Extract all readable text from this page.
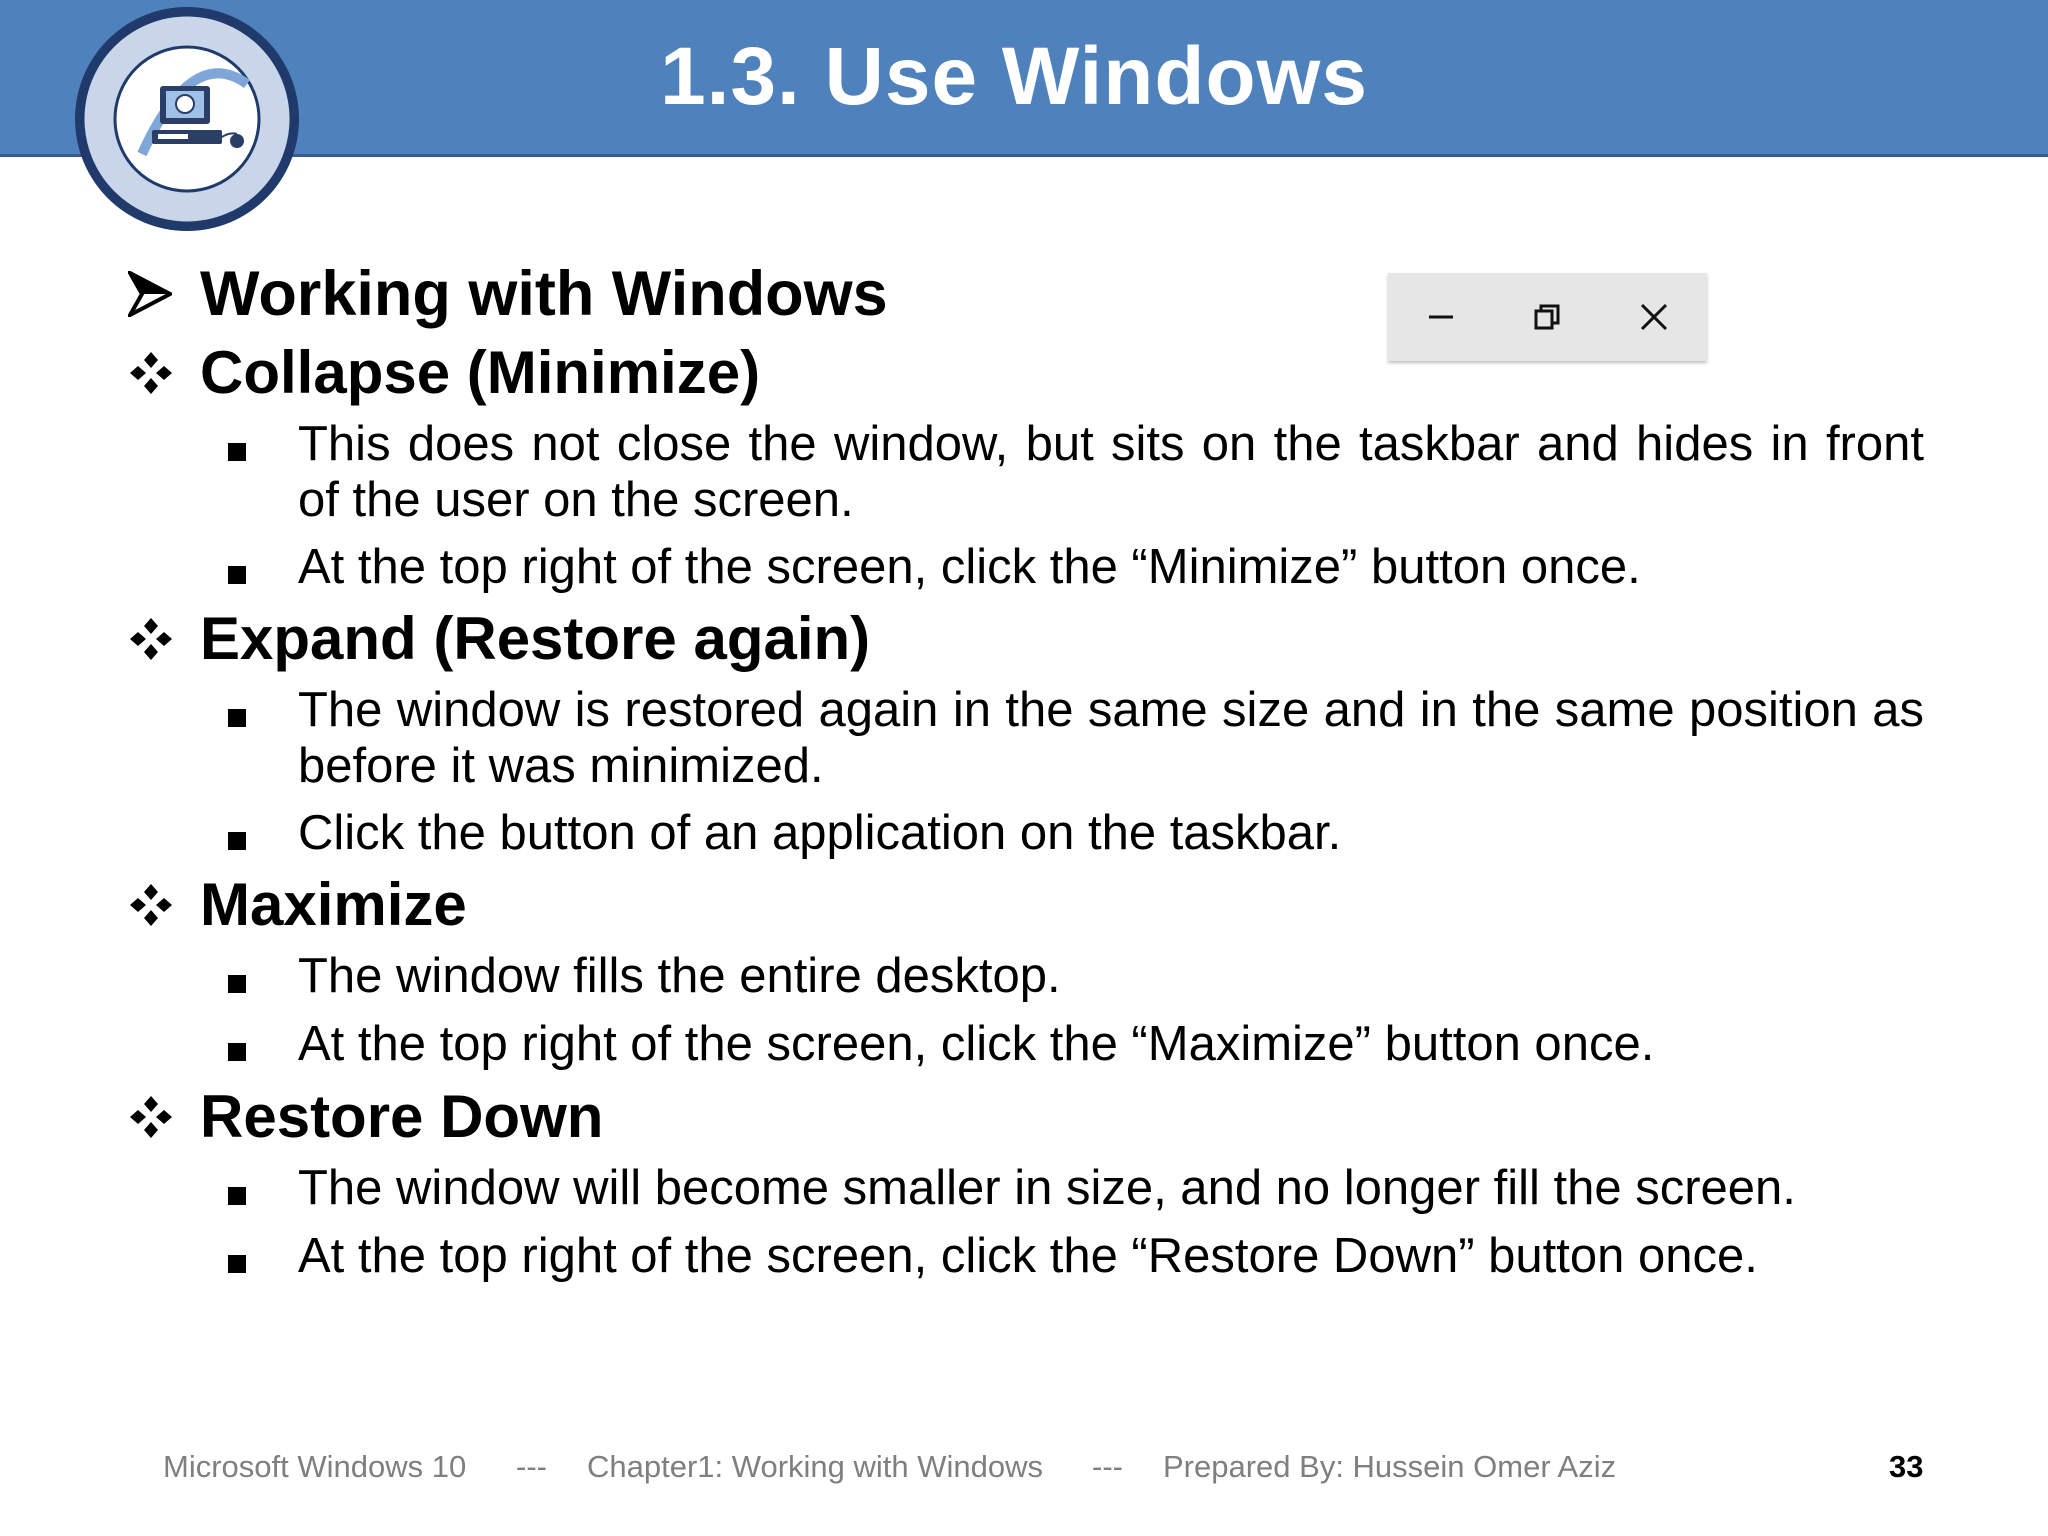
1.3. Use Windows
Working with Windows
Collapse (Minimize)
This does not close the window, but sits on the taskbar and hides in front of the user on the screen.
At the top right of the screen, click the “Minimize” button once.
Expand (Restore again)
The window is restored again in the same size and in the same position as before it was minimized.
Click the button of an application on the taskbar.
Maximize
The window fills the entire desktop.
At the top right of the screen, click the “Maximize” button once.
Restore Down
The window will become smaller in size, and no longer fill the screen.
At the top right of the screen, click the “Restore Down” button once.
Microsoft Windows 10 --- Chapter1: Working with Windows --- Prepared By: Hussein Omer Aziz	33
